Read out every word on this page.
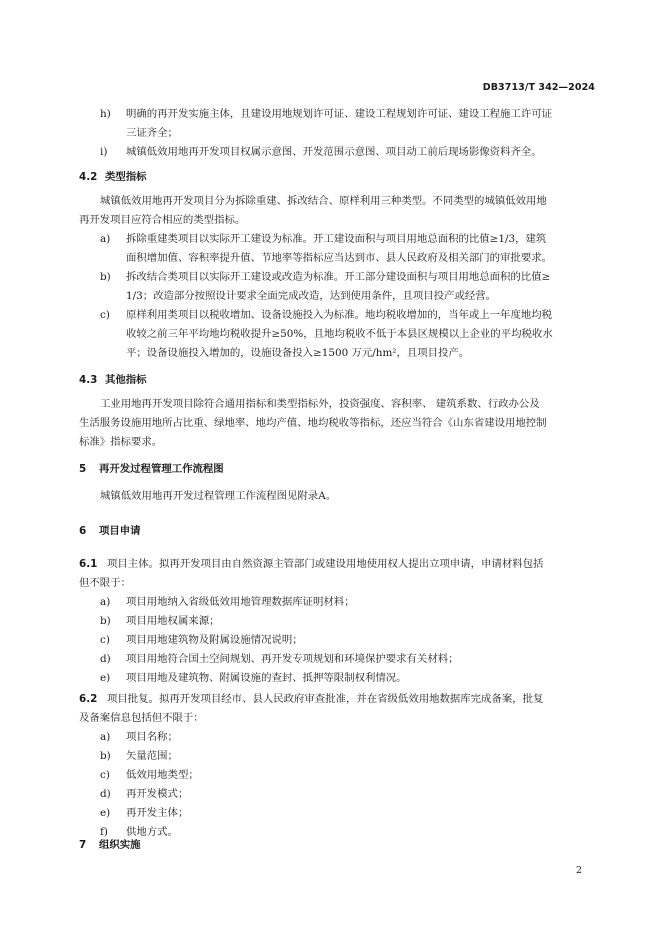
DB3713/T 342—2024
h)	明确的再开发实施主体，且建设用地规划许可证、建设工程规划许可证、建设工程施工许可证
三证齐全；
i)	城镇低效用地再开发项目权属示意图、开发范围示意图、项目动工前后现场影像资料齐全。
4.2 类型指标
城镇低效用地再开发项目分为拆除重建、拆改结合、原样利用三种类型。不同类型的城镇低效用地
再开发项目应符合相应的类型指标。
a)	拆除重建类项目以实际开工建设为标准。开工建设面积与项目用地总面积的比值≥1/3，建筑
面积增加值、容积率提升值、节地率等指标应当达到市、县人民政府及相关部门的审批要求。
b)	拆改结合类项目以实际开工建设或改造为标准。开工部分建设面积与项目用地总面积的比值≥
1/3；改造部分按照设计要求全面完成改造，达到使用条件，且项目投产或经营。
c)	原样利用类项目以税收增加、设备设施投入为标准。地均税收增加的，当年或上一年度地均税
收较之前三年平均地均税收提升≥50%，且地均税收不低于本县区规模以上企业的平均税收水
平；设备设施投入增加的，设施设备投入≥1500 万元/hm²，且项目投产。
4.3 其他指标
工业用地再开发项目除符合通用指标和类型指标外，投资强度、容积率、 建筑系数、行政办公及
生活服务设施用地所占比重、绿地率、地均产值、地均税收等指标，还应当符合《山东省建设用地控制
标准》指标要求。
5 再开发过程管理工作流程图
城镇低效用地再开发过程管理工作流程图见附录A。
6 项目申请
6.1 项目主体。拟再开发项目由自然资源主管部门或建设用地使用权人提出立项申请，申请材料包括
但不限于：
a)	项目用地纳入省级低效用地管理数据库证明材料；
b)	项目用地权属来源；
c)	项目用地建筑物及附属设施情况说明；
d)	项目用地符合国土空间规划、再开发专项规划和环境保护要求有关材料；
e)	项目用地及建筑物、附属设施的查封、抵押等限制权利情况。
6.2 项目批复。拟再开发项目经市、县人民政府审查批准，并在省级低效用地数据库完成备案，批复
及备案信息包括但不限于：
a)	项目名称；
b)	矢量范围；
c)	低效用地类型；
d)	再开发模式；
e)	再开发主体；
f)	供地方式。
7 组织实施
2
